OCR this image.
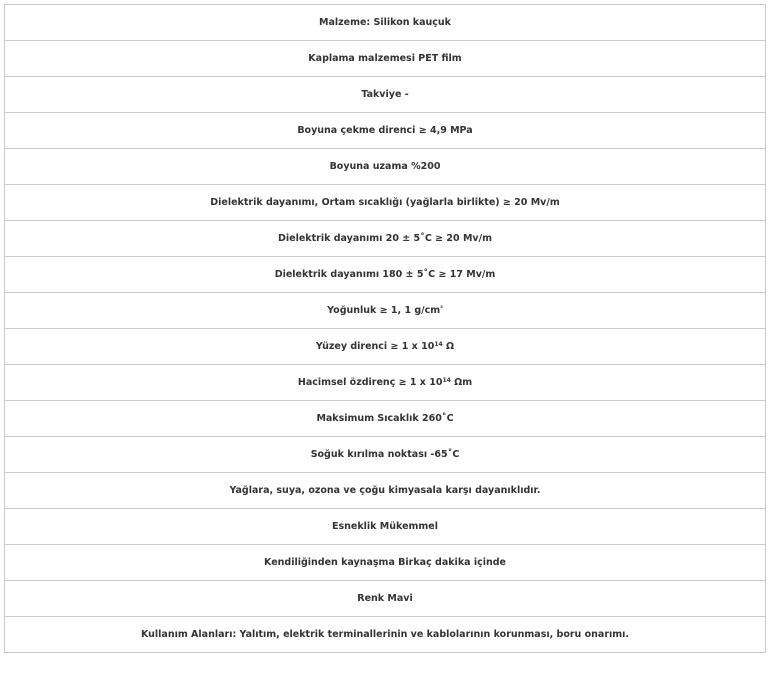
Malzeme: Silikon kauçuk
Kaplama malzemesi PET film
Takviye -
Boyuna çekme direnci ≥ 4,9 MPa
Boyuna uzama %200
Dielektrik dayanımı, Ortam sıcaklığı (yağlarla birlikte) ≥ 20 Mv/m
Dielektrik dayanımı 20 ± 5˚C ≥ 20 Mv/m
Dielektrik dayanımı 180 ± 5˚C ≥ 17 Mv/m
Yoğunluk ≥ 1, 1 $g/cm^{^3}$
Yüzey direnci ≥ 1 x $10^{14}$ Ω
Hacimsel özdirenç ≥ 1 x $10^{14}$ Ωm
Maksimum Sıcaklık 260˚C
Soğuk kırılma noktası -65˚C
Yağlara, suya, ozona ve çoğu kimyasala karşı dayanıklıdır.
Esneklik Mükemmel
Kendiliğinden kaynaşma Birkaç dakika içinde
Renk Mavi
Kullanım Alanları: Yalıtım, elektrik terminallerinin ve kablolarının korunması, boru onarımı.
